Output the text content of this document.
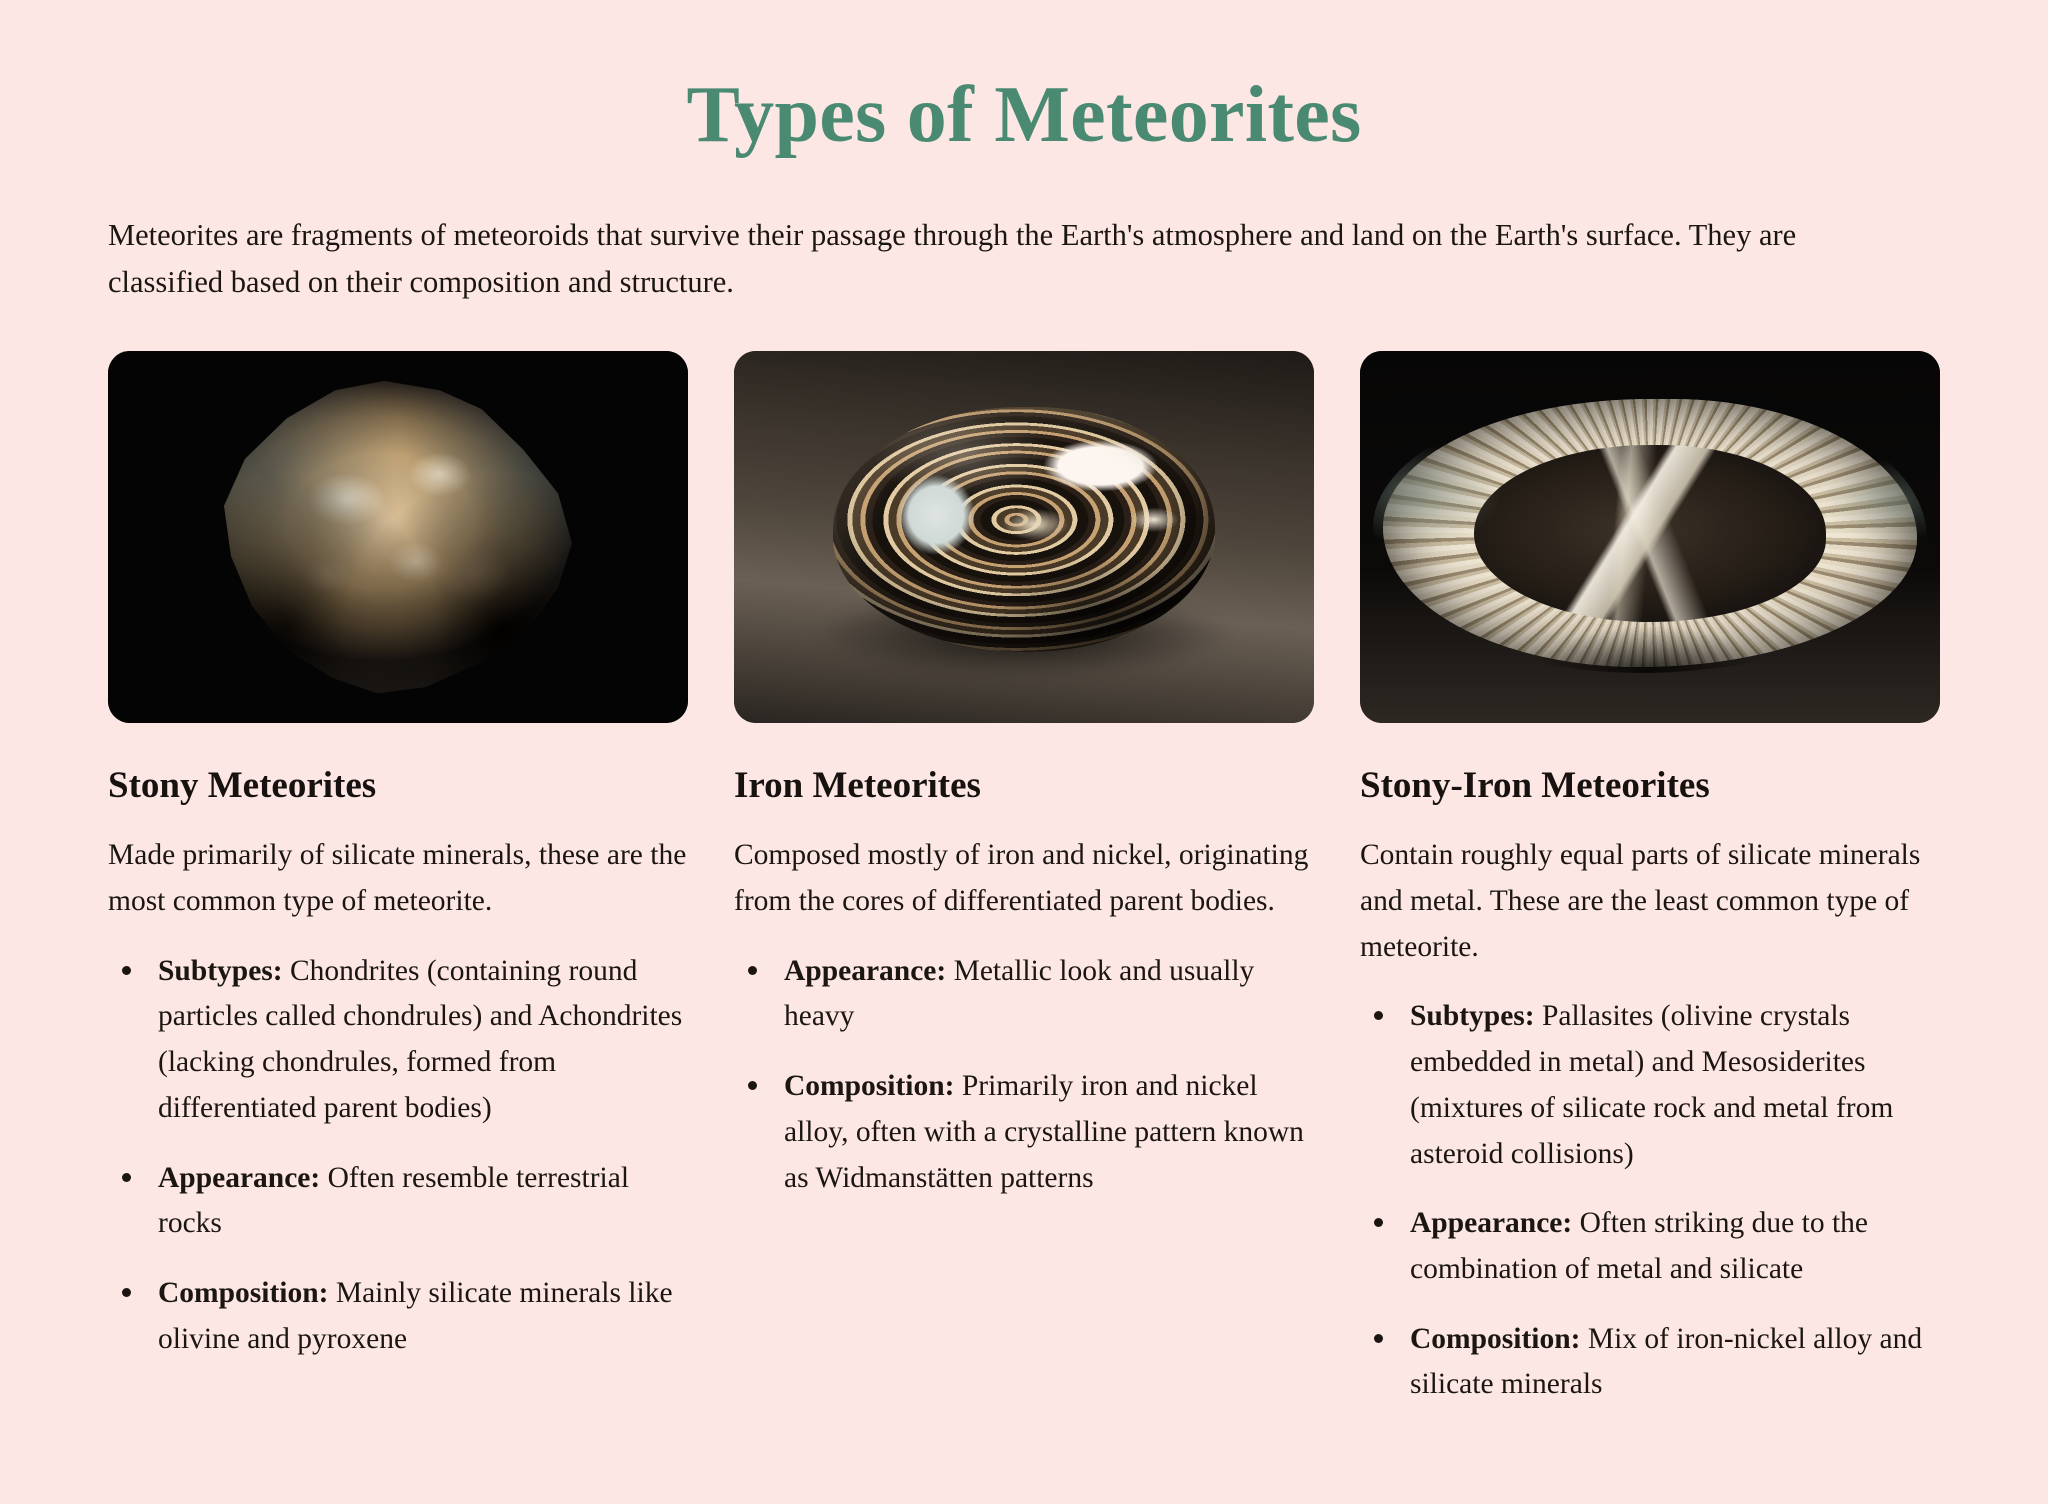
Types of Meteorites

Meteorites are fragments of meteoroids that survive their passage through the Earth's atmosphere and land on the Earth's surface. They are classified based on their composition and structure.

Stony Meteorites

Made primarily of silicate minerals, these are the most common type of meteorite.

Subtypes: Chondrites (containing round particles called chondrules) and Achondrites (lacking chondrules, formed from differentiated parent bodies)
Appearance: Often resemble terrestrial rocks
Composition: Mainly silicate minerals like olivine and pyroxene
Iron Meteorites

Composed mostly of iron and nickel, originating from the cores of differentiated parent bodies.

Appearance: Metallic look and usually heavy
Composition: Primarily iron and nickel alloy, often with a crystalline pattern known as Widmanstätten patterns
Stony-Iron Meteorites

Contain roughly equal parts of silicate minerals and metal. These are the least common type of meteorite.

Subtypes: Pallasites (olivine crystals embedded in metal) and Mesosiderites (mixtures of silicate rock and metal from asteroid collisions)
Appearance: Often striking due to the combination of metal and silicate
Composition: Mix of iron-nickel alloy and silicate minerals
